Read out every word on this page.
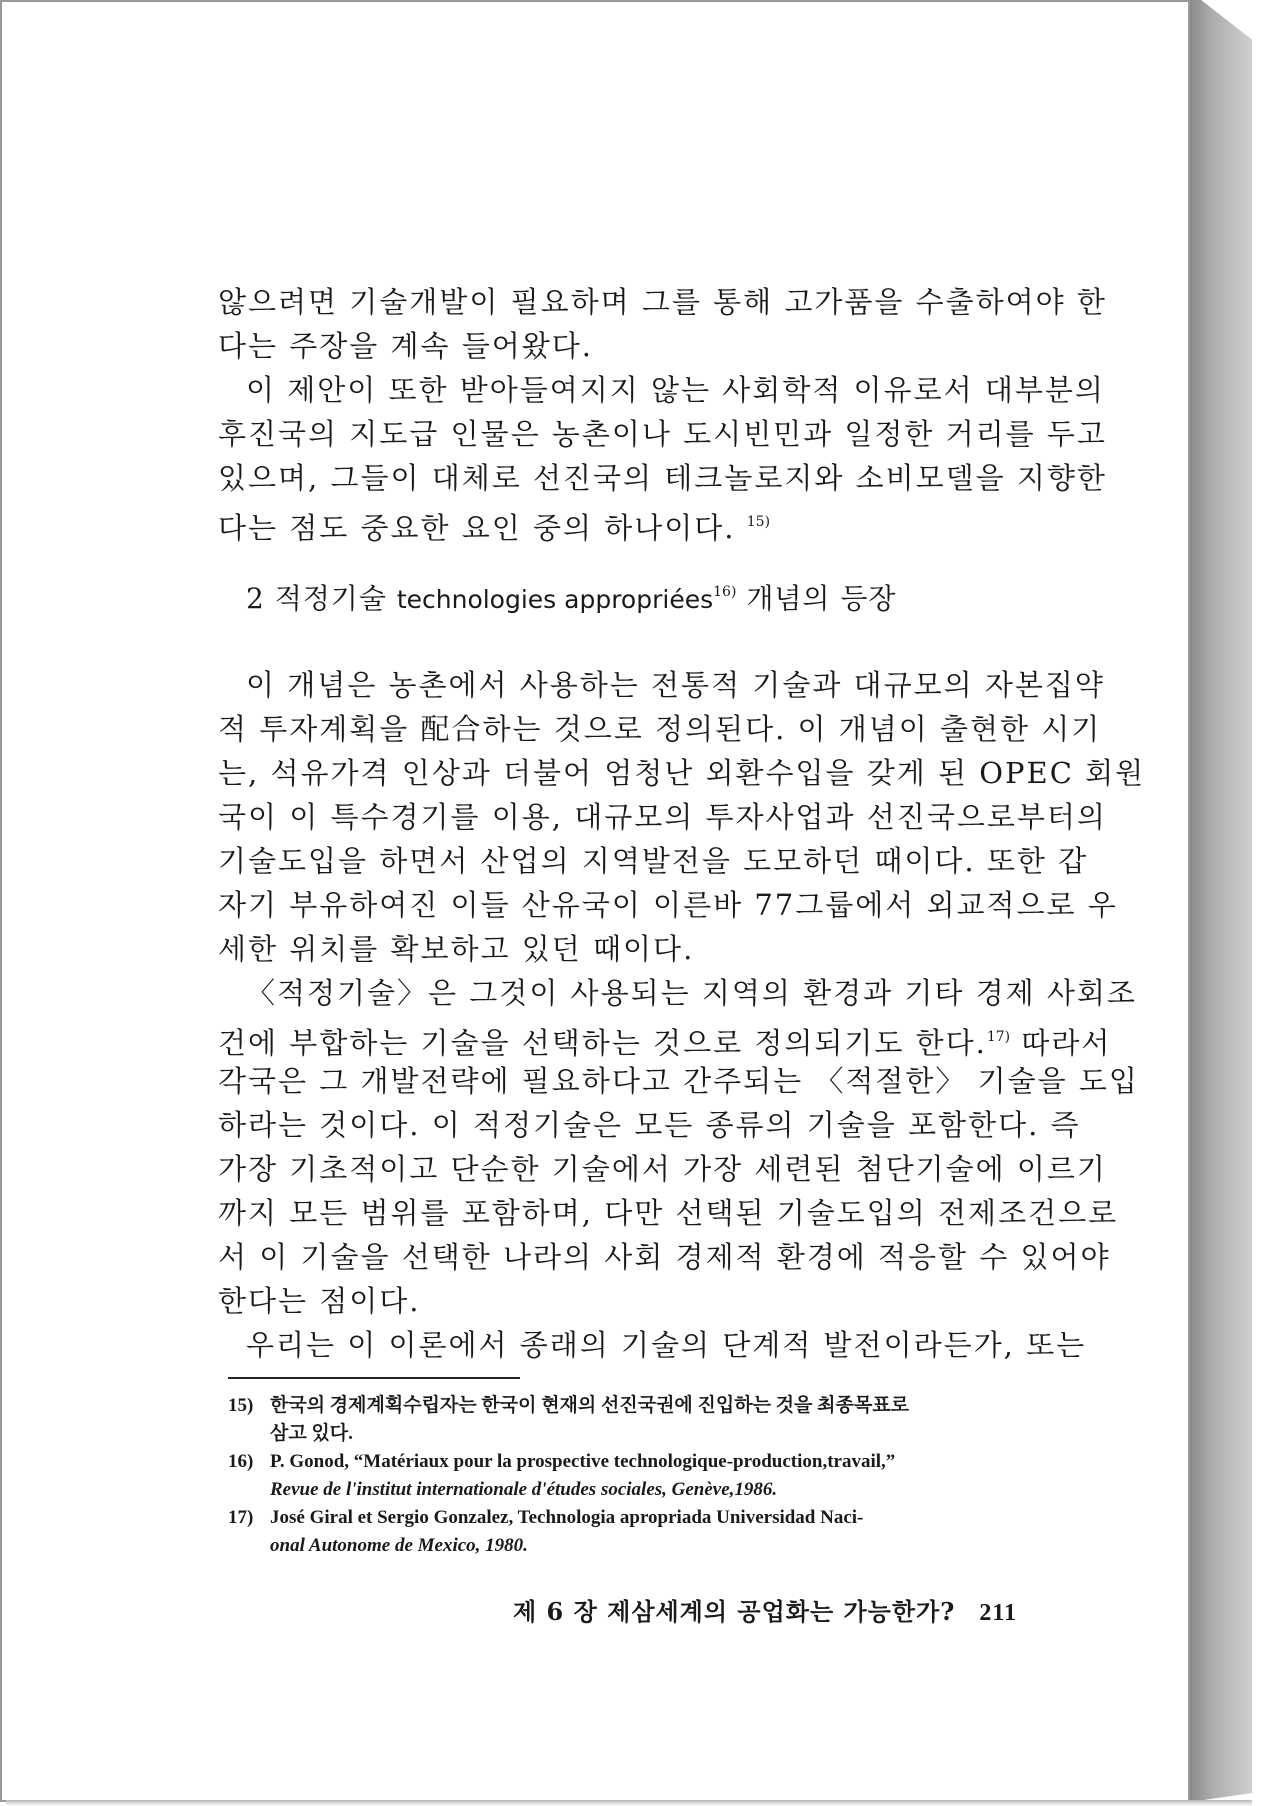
않으려면 기술개발이 필요하며 그를 통해 고가품을 수출하여야 한
다는 주장을 계속 들어왔다.
이 제안이 또한 받아들여지지 않는 사회학적 이유로서 대부분의
후진국의 지도급 인물은 농촌이나 도시빈민과 일정한 거리를 두고
있으며, 그들이 대체로 선진국의 테크놀로지와 소비모델을 지향한
다는 점도 중요한 요인 중의 하나이다. $^{15)}$
2 적정기술 technologies appropriées$^{16)}$ 개념의 등장
이 개념은 농촌에서 사용하는 전통적 기술과 대규모의 자본집약
적 투자계획을 配合하는 것으로 정의된다. 이 개념이 출현한 시기
는, 석유가격 인상과 더불어 엄청난 외환수입을 갖게 된 OPEC 회원
국이 이 특수경기를 이용, 대규모의 투자사업과 선진국으로부터의
기술도입을 하면서 산업의 지역발전을 도모하던 때이다. 또한 갑
자기 부유하여진 이들 산유국이 이른바 77그룹에서 외교적으로 우
세한 위치를 확보하고 있던 때이다.
〈적정기술〉은 그것이 사용되는 지역의 환경과 기타 경제 사회조
건에 부합하는 기술을 선택하는 것으로 정의되기도 한다.$^{17)}$ 따라서
각국은 그 개발전략에 필요하다고 간주되는 〈적절한〉 기술을 도입
하라는 것이다. 이 적정기술은 모든 종류의 기술을 포함한다. 즉
가장 기초적이고 단순한 기술에서 가장 세련된 첨단기술에 이르기
까지 모든 범위를 포함하며, 다만 선택된 기술도입의 전제조건으로
서 이 기술을 선택한 나라의 사회 경제적 환경에 적응할 수 있어야
한다는 점이다.
우리는 이 이론에서 종래의 기술의 단계적 발전이라든가, 또는
15) 한국의 경제계획수립자는 한국이 현재의 선진국권에 진입하는 것을 최종목표로
삼고 있다.
16) P. Gonod, “Matériaux pour la prospective technologique-production,travail,”
Revue de l'institut internationale d'études sociales, Genève,1986.
17) José Giral et Sergio Gonzalez, Technologia apropriada Universidad Naci-
onal Autonome de Mexico, 1980.
제 6 장 제삼세계의 공업화는 가능한가? 211
